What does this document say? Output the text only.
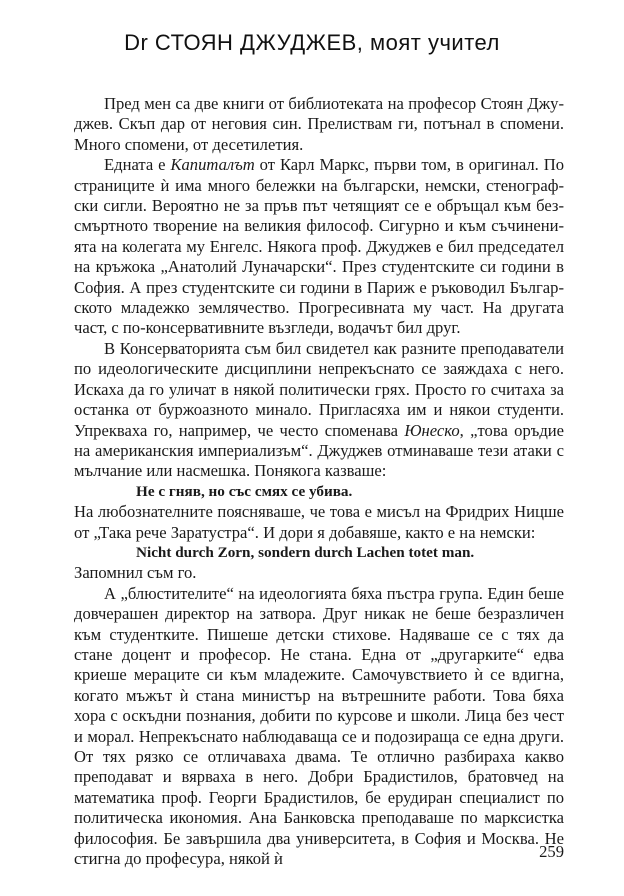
Dr СТОЯН ДЖУДЖЕВ, моят учител

Пред мен са две книги от библиотеката на професор Стоян Джуджев. Скъп дар от неговия син. Прелиствам ги, потънал в спомени. Много спомени, от десетилетия.

Едната е Капиталът от Карл Маркс, първи том, в оригинал. По страниците ѝ има много бележки на български, немски, стенографски сигли. Вероятно не за пръв път четящият се е обръщал към безсмъртното творение на великия философ. Сигурно и към съчиненията на колегата му Енгелс. Някога проф. Джуджев е бил председател на кръжока „Анатолий Луначарски“. През студентските си години в София. А през студентските си години в Париж е ръководил Българското младежко землячество. Прогресивната му част. На другата част, с по-консервативните възгледи, водачът бил друг.

В Консерваторията съм бил свидетел как разните преподаватели по идеологическите дисциплини непрекъснато се заяждаха с него. Искаха да го уличат в някой политически грях. Просто го считаха за останка от буржоазното минало. Пригласяха им и някои студенти. Упрекваха го, например, че често споменава Юнеско, „това оръдие на американския империализъм“. Джуджев отминаваше тези атаки с мълчание или насмешка. Понякога казваше:

Не с гняв, но със смях се убива.

На любознателните поясняваше, че това е мисъл на Фридрих Ницше от „Така рече Заратустра“. И дори я добавяше, както е на немски:

Nicht durch Zorn, sondern durch Lachen totet man.

Запомнил съм го.

А „блюстителите“ на идеологията бяха пъстра група. Един беше довчерашен директор на затвора. Друг никак не беше безразличен към студентките. Пишеше детски стихове. Надяваше се с тях да стане доцент и професор. Не стана. Една от „другарките“ едва криеше мераците си към младежите. Самочувствието ѝ се вдигна, когато мъжът ѝ стана министър на вътрешните работи. Това бяха хора с оскъдни познания, добити по курсове и школи. Лица без чест и морал. Непрекъснато наблюдаваща се и подозираща се една други. От тях рязко се отличаваха двама. Те отлично разбираха какво преподават и вярваха в него. Добри Брадистилов, братовчед на математика проф. Георги Брадистилов, бе ерудиран специалист по политическа икономия. Ана Банковска преподаваше по марксистка философия. Бе завършила два университета, в София и Москва. Не стигна до професура, някой ѝ	259
